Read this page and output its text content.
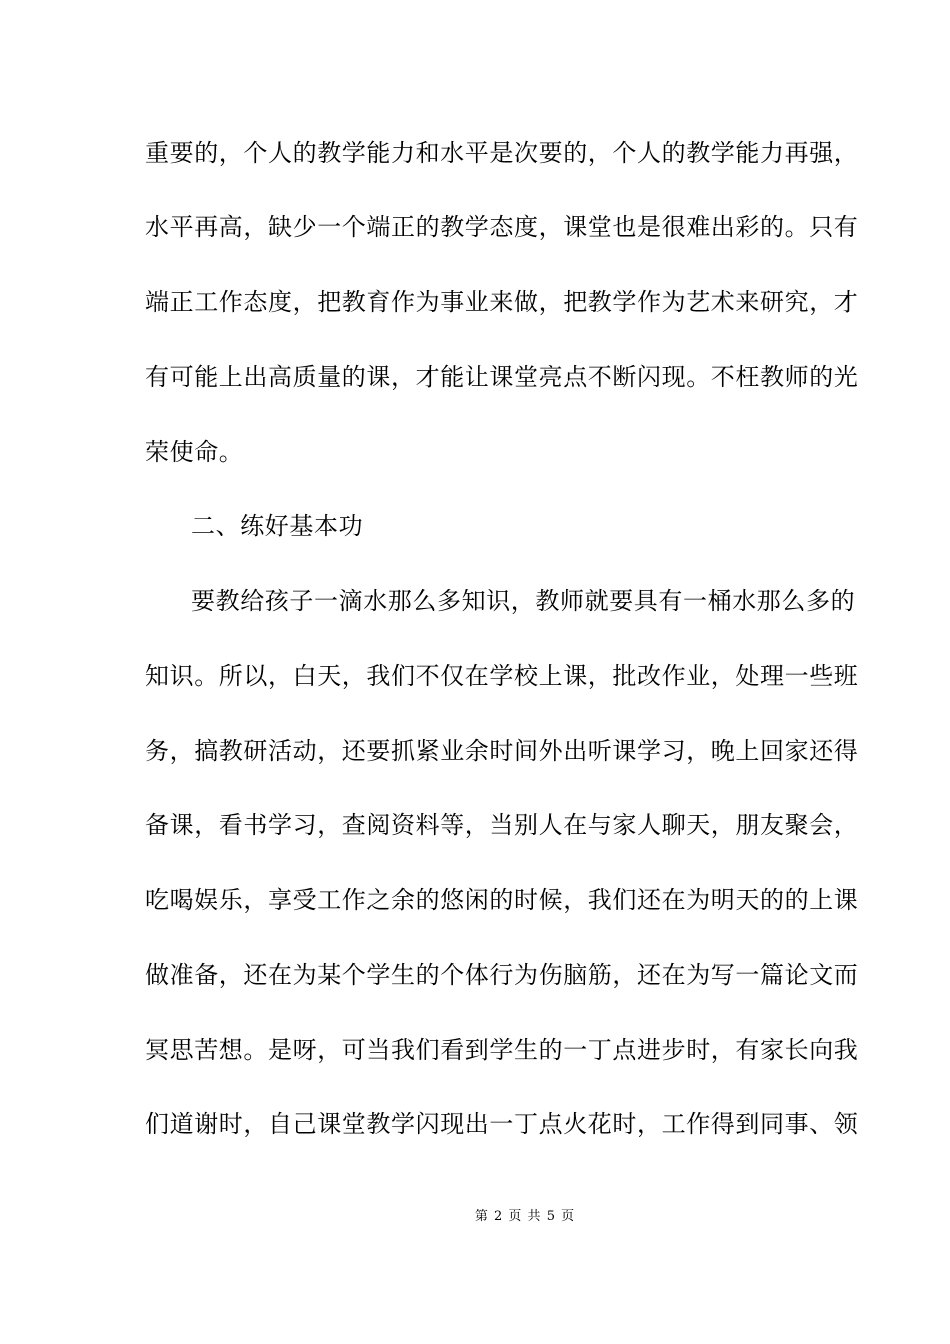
重要的，个人的教学能力和水平是次要的，个人的教学能力再强，
水平再高，缺少一个端正的教学态度，课堂也是很难出彩的。只有
端正工作态度，把教育作为事业来做，把教学作为艺术来研究，才
有可能上出高质量的课，才能让课堂亮点不断闪现。不枉教师的光
荣使命。
二、练好基本功
要教给孩子一滴水那么多知识，教师就要具有一桶水那么多的
知识。所以，白天，我们不仅在学校上课，批改作业，处理一些班
务，搞教研活动，还要抓紧业余时间外出听课学习，晚上回家还得
备课，看书学习，查阅资料等，当别人在与家人聊天，朋友聚会，
吃喝娱乐，享受工作之余的悠闲的时候，我们还在为明天的的上课
做准备，还在为某个学生的个体行为伤脑筋，还在为写一篇论文而
冥思苦想。是呀，可当我们看到学生的一丁点进步时，有家长向我
们道谢时，自己课堂教学闪现出一丁点火花时，工作得到同事、领
第 2 页 共 5 页
